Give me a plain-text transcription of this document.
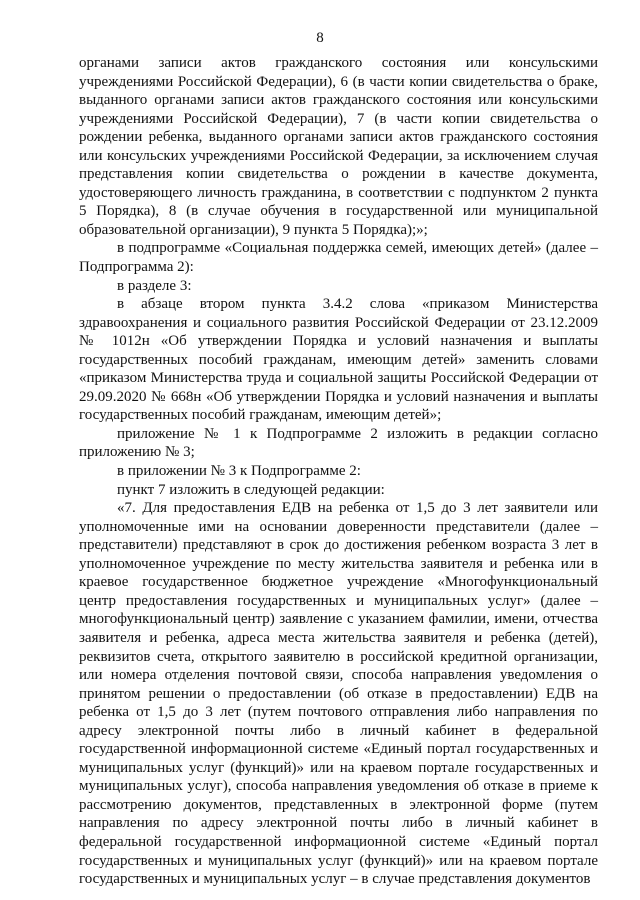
8

органами записи актов гражданского состояния или консульскими учреждениями Российской Федерации), 6 (в части копии свидетельства о браке, выданного органами записи актов гражданского состояния или консульскими учреждениями Российской Федерации), 7 (в части копии свидетельства о рождении ребенка, выданного органами записи актов гражданского состояния или консульских учреждениями Российской Федерации, за исключением случая представления копии свидетельства о рождении в качестве документа, удостоверяющего личность гражданина, в соответствии с подпунктом 2 пункта 5 Порядка), 8 (в случае обучения в государственной или муниципальной образовательной организации), 9 пункта 5 Порядка);»;

в подпрограмме «Социальная поддержка семей, имеющих детей» (далее – Подпрограмма 2):

в разделе 3:

в абзаце втором пункта 3.4.2 слова «приказом Министерства здравоохранения и социального развития Российской Федерации от 23.12.2009 № 1012н «Об утверждении Порядка и условий назначения и выплаты государственных пособий гражданам, имеющим детей» заменить словами «приказом Министерства труда и социальной защиты Российской Федерации от 29.09.2020 № 668н «Об утверждении Порядка и условий назначения и выплаты государственных пособий гражданам, имеющим детей»;

приложение № 1 к Подпрограмме 2 изложить в редакции согласно приложению № 3;

в приложении № 3 к Подпрограмме 2:

пункт 7 изложить в следующей редакции:

«7. Для предоставления ЕДВ на ребенка от 1,5 до 3 лет заявители или уполномоченные ими на основании доверенности представители (далее – представители) представляют в срок до достижения ребенком возраста 3 лет в уполномоченное учреждение по месту жительства заявителя и ребенка или в краевое государственное бюджетное учреждение «Многофункциональный центр предоставления государственных и муниципальных услуг» (далее – многофункциональный центр) заявление с указанием фамилии, имени, отчества заявителя и ребенка, адреса места жительства заявителя и ребенка (детей), реквизитов счета, открытого заявителю в российской кредитной организации, или номера отделения почтовой связи, способа направления уведомления о принятом решении о предоставлении (об отказе в предоставлении) ЕДВ на ребенка от 1,5 до 3 лет (путем почтового отправления либо направления по адресу электронной почты либо в личный кабинет в федеральной государственной информационной системе «Единый портал государственных и муниципальных услуг (функций)» или на краевом портале государственных и муниципальных услуг), способа направления уведомления об отказе в приеме к рассмотрению документов, представленных в электронной форме (путем направления по адресу электронной почты либо в личный кабинет в федеральной государственной информационной системе «Единый портал государственных и муниципальных услуг (функций)» или на краевом портале государственных и муниципальных услуг – в случае представления документов
